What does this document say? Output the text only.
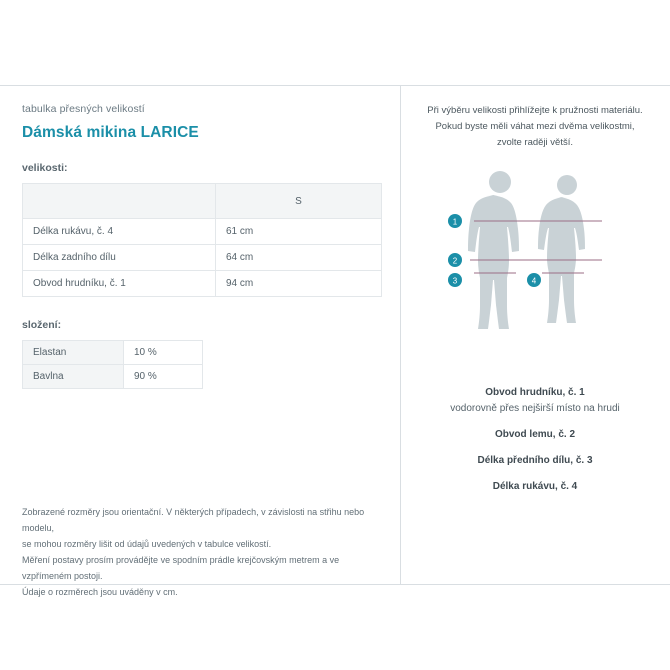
tabulka přesných velikostí

Dámská mikina LARICE

velikosti:

	S
Délka rukávu, č. 4	61 cm
Délka zadního dílu	64 cm
Obvod hrudníku, č. 1	94 cm

složení:

Elastan	10 %
Bavlna	90 %
Zobrazené rozměry jsou orientační. V některých případech, v závislosti na střihu nebo modelu,
se mohou rozměry lišit od údajů uvedených v tabulce velikostí.
Měření postavy prosím provádějte ve spodním prádle krejčovským metrem a ve vzpřímeném postoji.
Údaje o rozměrech jsou uváděny v cm.

Při výběru velikosti přihlížejte k pružnosti materiálu.
Pokud byste měli váhat mezi dvěma velikostmi,
zvolte raději větší.

1
2
3	4
Obvod hrudníku, č. 1
vodorovně přes nejširší místo na hrudi
Obvod lemu, č. 2
Délka předního dílu, č. 3
Délka rukávu, č. 4
